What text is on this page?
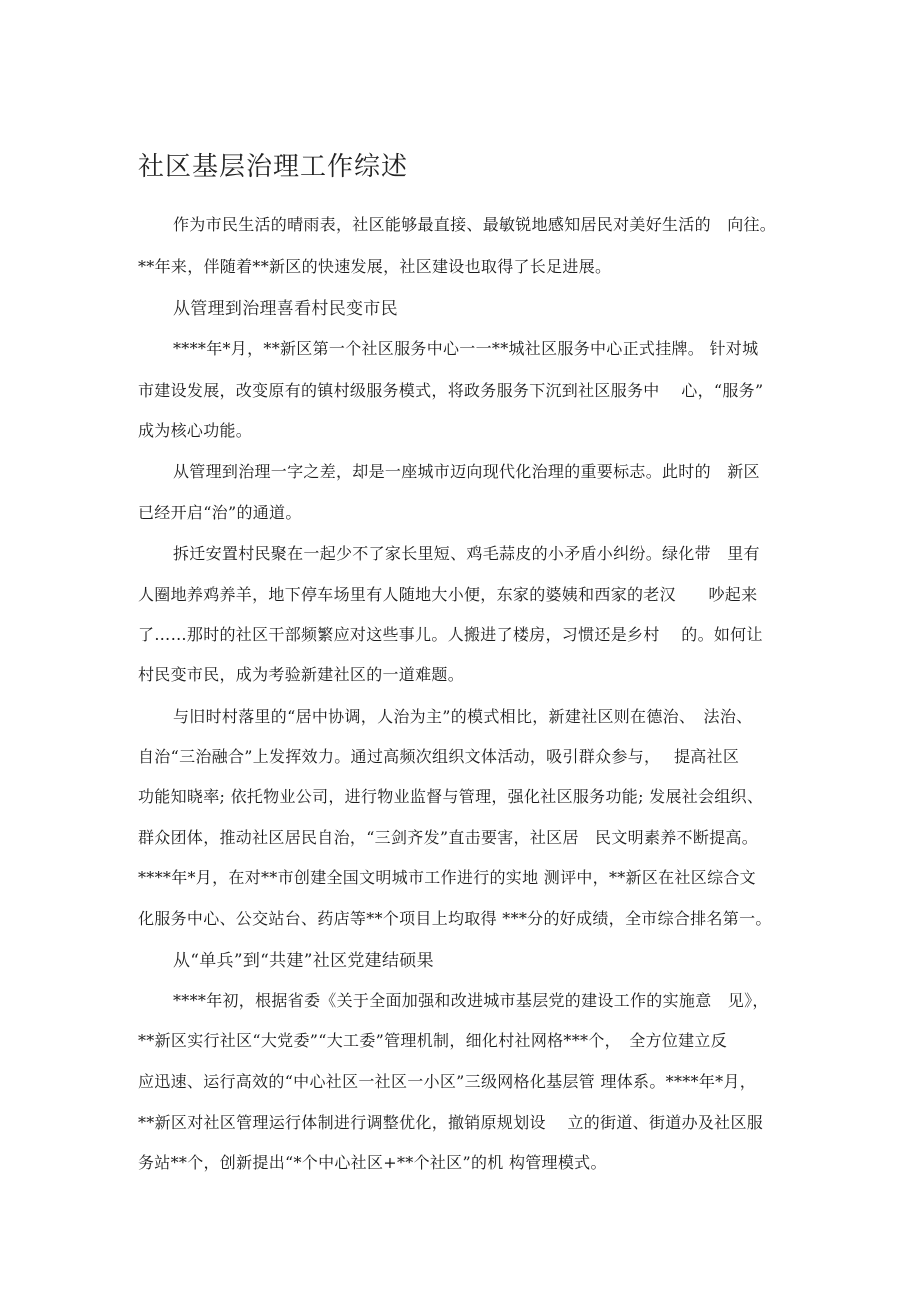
社区基层治理工作综述
作为市民生活的晴雨表，社区能够最直接、最敏锐地感知居民对美好生活的　向往。
**年来，伴随着**新区的快速发展，社区建设也取得了长足进展。
从管理到治理喜看村民变市民
****年*月，**新区第一个社区服务中心一一**城社区服务中心正式挂牌。 针对城
市建设发展，改变原有的镇村级服务模式，将政务服务下沉到社区服务中　 心，“服务”
成为核心功能。
从管理到治理一字之差，却是一座城市迈向现代化治理的重要标志。此时的　新区
已经开启“治”的通道。
拆迁安置村民聚在一起少不了家长里短、鸡毛蒜皮的小矛盾小纠纷。绿化带　里有
人圈地养鸡养羊，地下停车场里有人随地大小便，东家的婆姨和西家的老汉　　吵起来
了……那时的社区干部频繁应对这些事儿。人搬进了楼房，习惯还是乡村　 的。如何让
村民变市民，成为考验新建社区的一道难题。
与旧时村落里的“居中协调，人治为主”的模式相比，新建社区则在德治、　法治、
自治“三治融合”上发挥效力。通过高频次组织文体活动，吸引群众参与，　 提高社区
功能知晓率; 依托物业公司，进行物业监督与管理，强化社区服务功能; 发展社会组织、
群众团体，推动社区居民自治，“三剑齐发”直击要害，社区居　民文明素养不断提高。
****年*月，在对**市创建全国文明城市工作进行的实地 测评中，**新区在社区综合文
化服务中心、公交站台、药店等**个项目上均取得 ***分的好成绩，全市综合排名第一。
从“单兵”到“共建”社区党建结硕果
****年初，根据省委《关于全面加强和改进城市基层党的建设工作的实施意　见》，
**新区实行社区“大党委”“大工委”管理机制，细化村社网格***个，　全方位建立反
应迅速、运行高效的“中心社区一社区一小区”三级网格化基层管 理体系。****年*月，
**新区对社区管理运行体制进行调整优化，撤销原规划设　 立的街道、街道办及社区服
务站**个，创新提出“*个中心社区+**个社区”的机 构管理模式。
